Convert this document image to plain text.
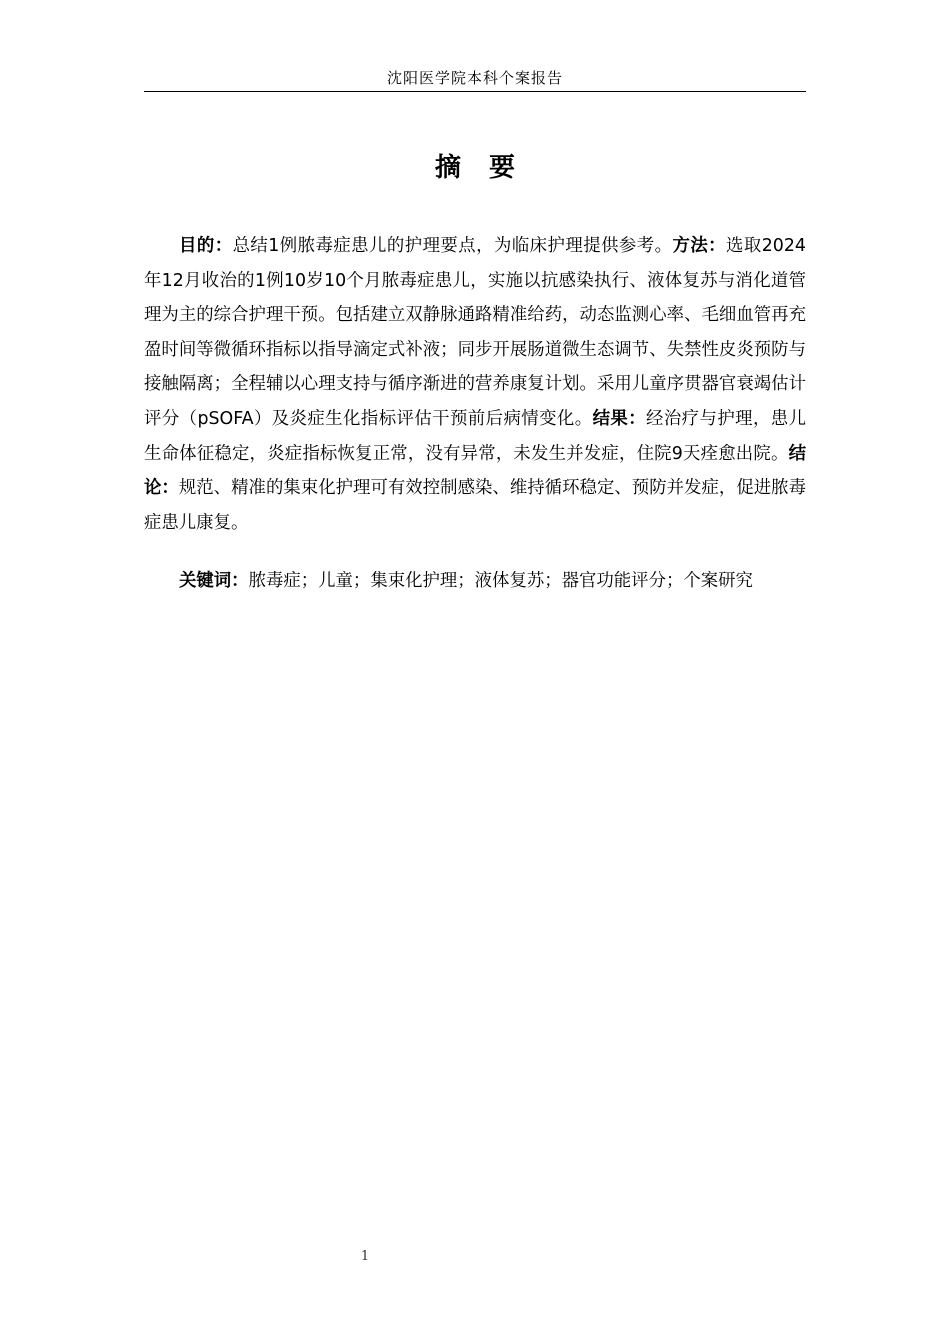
沈阳医学院本科个案报告
摘 要

目的：总结1例脓毒症患儿的护理要点，为临床护理提供参考。方法：选取2024年12月收治的1例10岁10个月脓毒症患儿，实施以抗感染执行、液体复苏与消化道管理为主的综合护理干预。包括建立双静脉通路精准给药，动态监测心率、毛细血管再充盈时间等微循环指标以指导滴定式补液；同步开展肠道微生态调节、失禁性皮炎预防与接触隔离；全程辅以心理支持与循序渐进的营养康复计划。采用儿童序贯器官衰竭估计评分（pSOFA）及炎症生化指标评估干预前后病情变化。结果：经治疗与护理，患儿生命体征稳定，炎症指标恢复正常，没有异常，未发生并发症，住院9天痊愈出院。结论：规范、精准的集束化护理可有效控制感染、维持循环稳定、预防并发症，促进脓毒症患儿康复。

关键词：脓毒症；儿童；集束化护理；液体复苏；器官功能评分；个案研究

1
